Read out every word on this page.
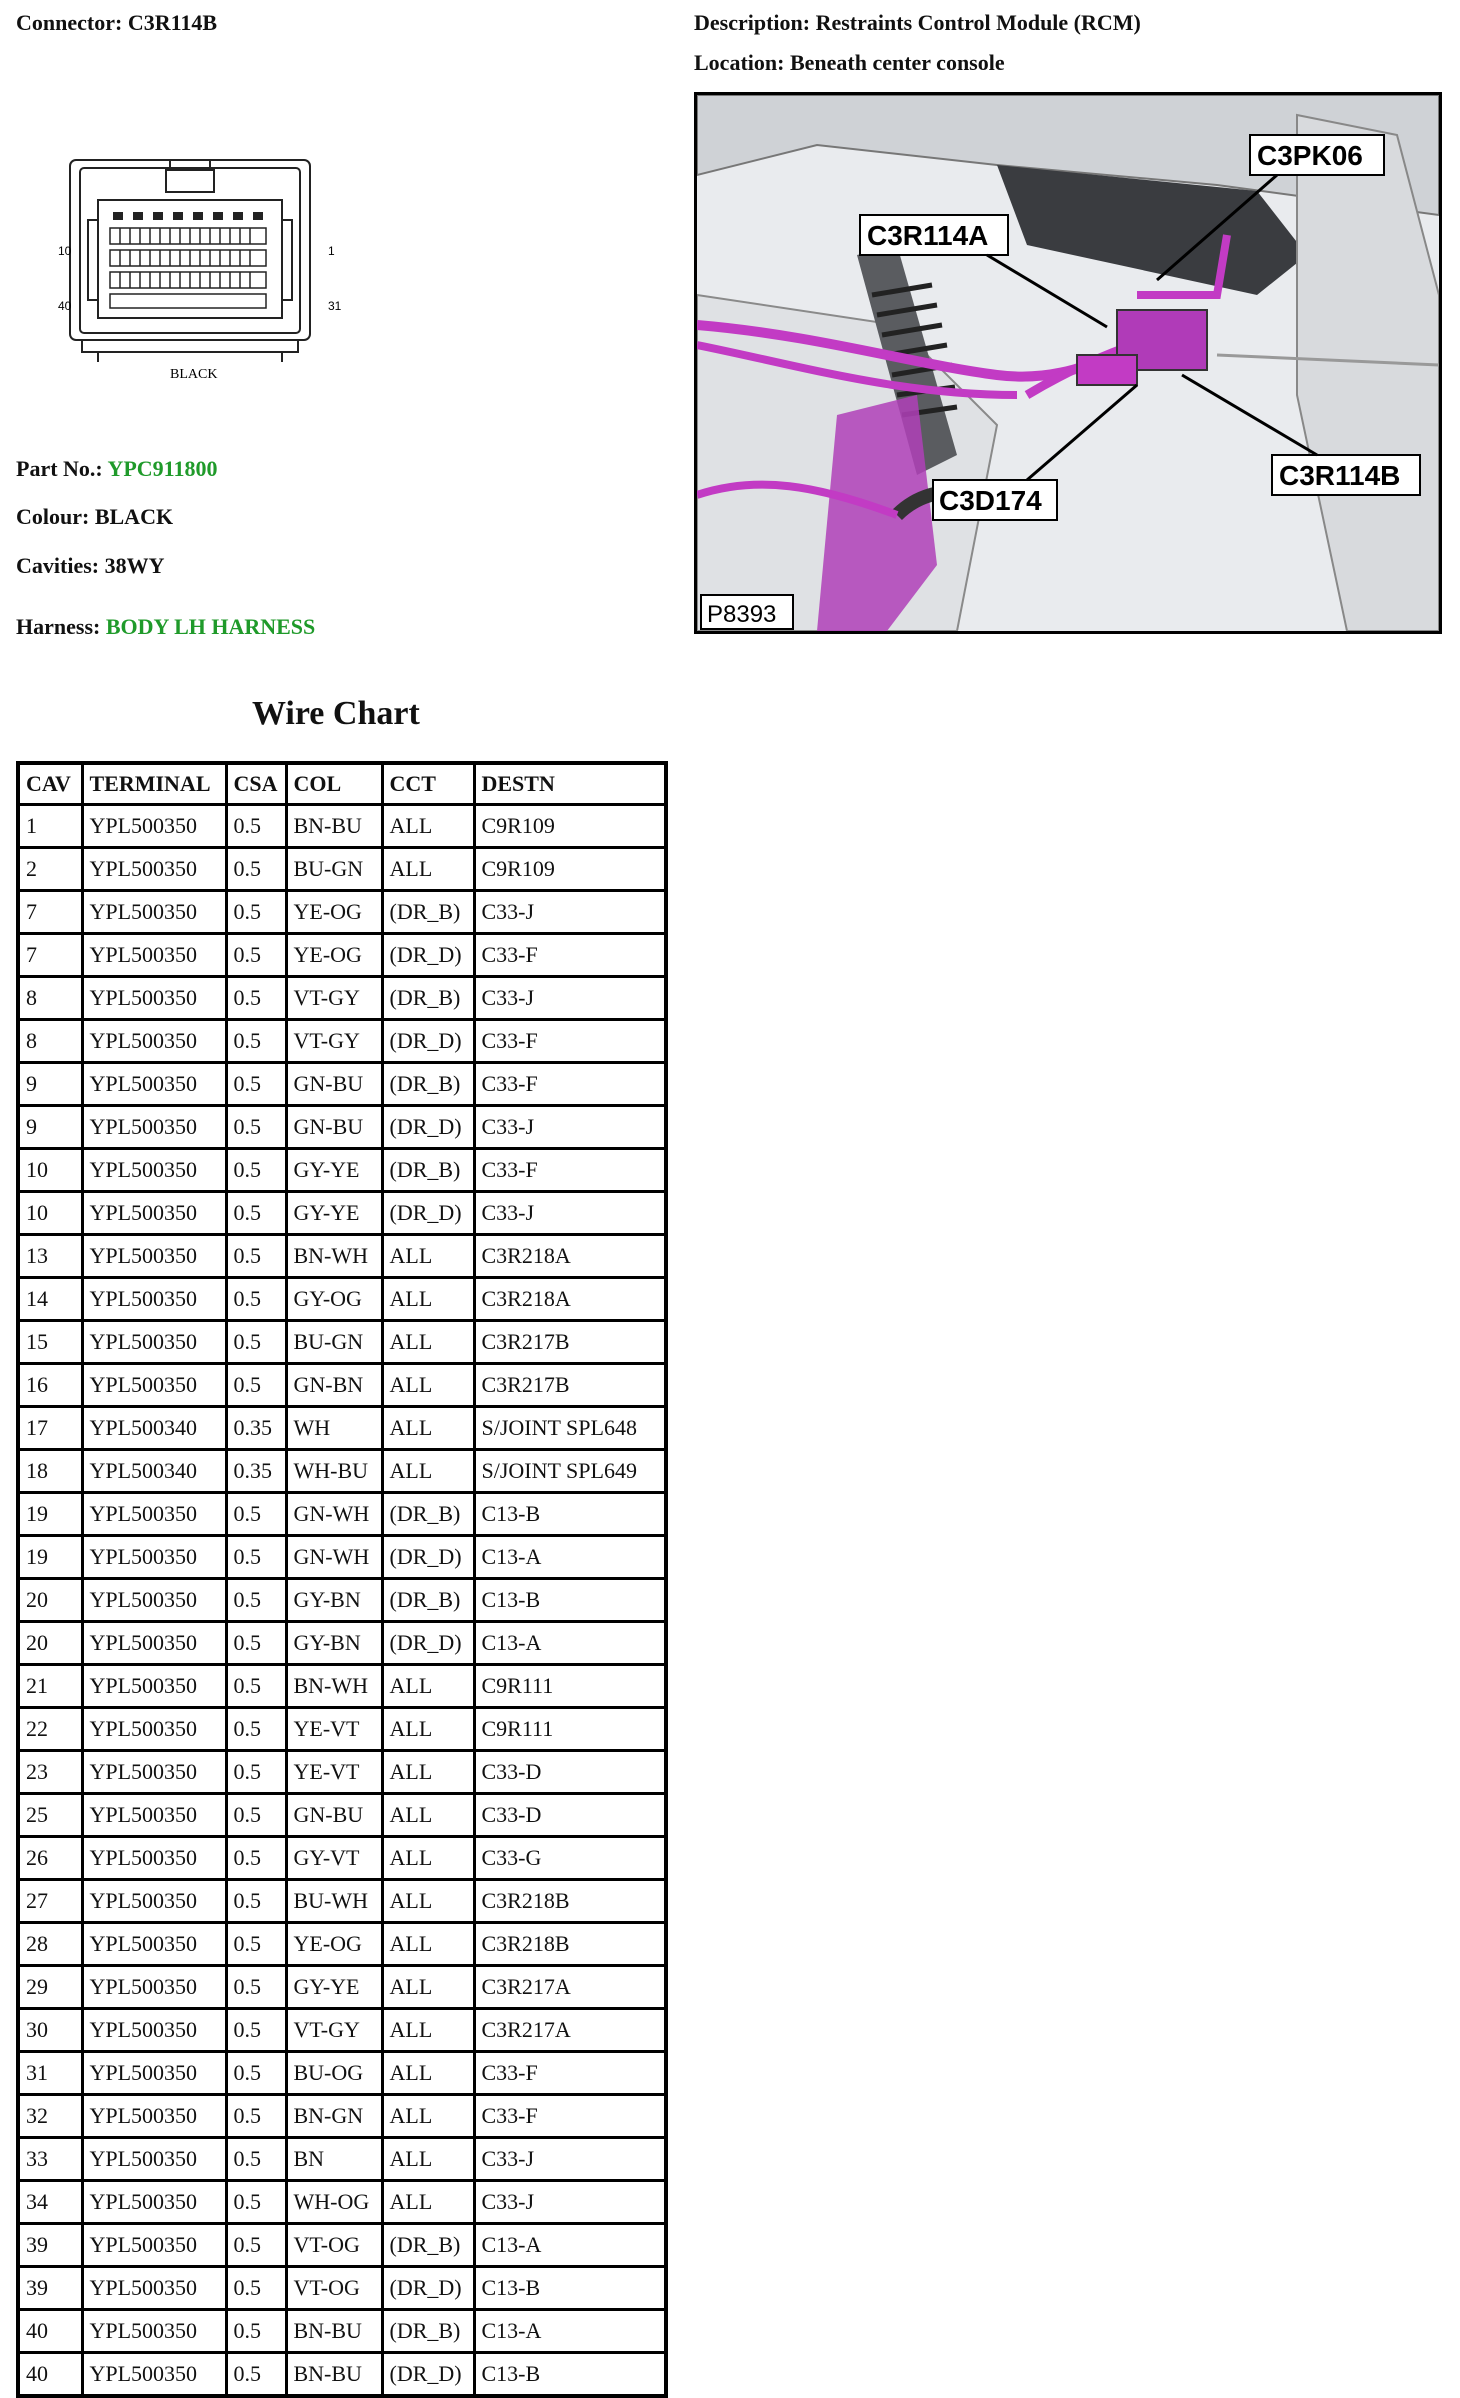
Connector: C3R114B	Description: Restraints Control Module (RCM)
Location: Beneath center console
10	1
40	31
BLACK
Part No.: YPC911800
Colour: BLACK
Cavities: 38WY
Harness: BODY LH HARNESS
C3PK06
C3R114A
C3D174
C3R114B
P8393
Wire Chart
CAV	TERMINAL	CSA	COL	CCT	DESTN
1	YPL500350	0.5	BN-BU	ALL	C9R109
2	YPL500350	0.5	BU-GN	ALL	C9R109
7	YPL500350	0.5	YE-OG	(DR_B)	C33-J
7	YPL500350	0.5	YE-OG	(DR_D)	C33-F
8	YPL500350	0.5	VT-GY	(DR_B)	C33-J
8	YPL500350	0.5	VT-GY	(DR_D)	C33-F
9	YPL500350	0.5	GN-BU	(DR_B)	C33-F
9	YPL500350	0.5	GN-BU	(DR_D)	C33-J
10	YPL500350	0.5	GY-YE	(DR_B)	C33-F
10	YPL500350	0.5	GY-YE	(DR_D)	C33-J
13	YPL500350	0.5	BN-WH	ALL	C3R218A
14	YPL500350	0.5	GY-OG	ALL	C3R218A
15	YPL500350	0.5	BU-GN	ALL	C3R217B
16	YPL500350	0.5	GN-BN	ALL	C3R217B
17	YPL500340	0.35	WH	ALL	S/JOINT SPL648
18	YPL500340	0.35	WH-BU	ALL	S/JOINT SPL649
19	YPL500350	0.5	GN-WH	(DR_B)	C13-B
19	YPL500350	0.5	GN-WH	(DR_D)	C13-A
20	YPL500350	0.5	GY-BN	(DR_B)	C13-B
20	YPL500350	0.5	GY-BN	(DR_D)	C13-A
21	YPL500350	0.5	BN-WH	ALL	C9R111
22	YPL500350	0.5	YE-VT	ALL	C9R111
23	YPL500350	0.5	YE-VT	ALL	C33-D
25	YPL500350	0.5	GN-BU	ALL	C33-D
26	YPL500350	0.5	GY-VT	ALL	C33-G
27	YPL500350	0.5	BU-WH	ALL	C3R218B
28	YPL500350	0.5	YE-OG	ALL	C3R218B
29	YPL500350	0.5	GY-YE	ALL	C3R217A
30	YPL500350	0.5	VT-GY	ALL	C3R217A
31	YPL500350	0.5	BU-OG	ALL	C33-F
32	YPL500350	0.5	BN-GN	ALL	C33-F
33	YPL500350	0.5	BN	ALL	C33-J
34	YPL500350	0.5	WH-OG	ALL	C33-J
39	YPL500350	0.5	VT-OG	(DR_B)	C13-A
39	YPL500350	0.5	VT-OG	(DR_D)	C13-B
40	YPL500350	0.5	BN-BU	(DR_B)	C13-A
40	YPL500350	0.5	BN-BU	(DR_D)	C13-B
